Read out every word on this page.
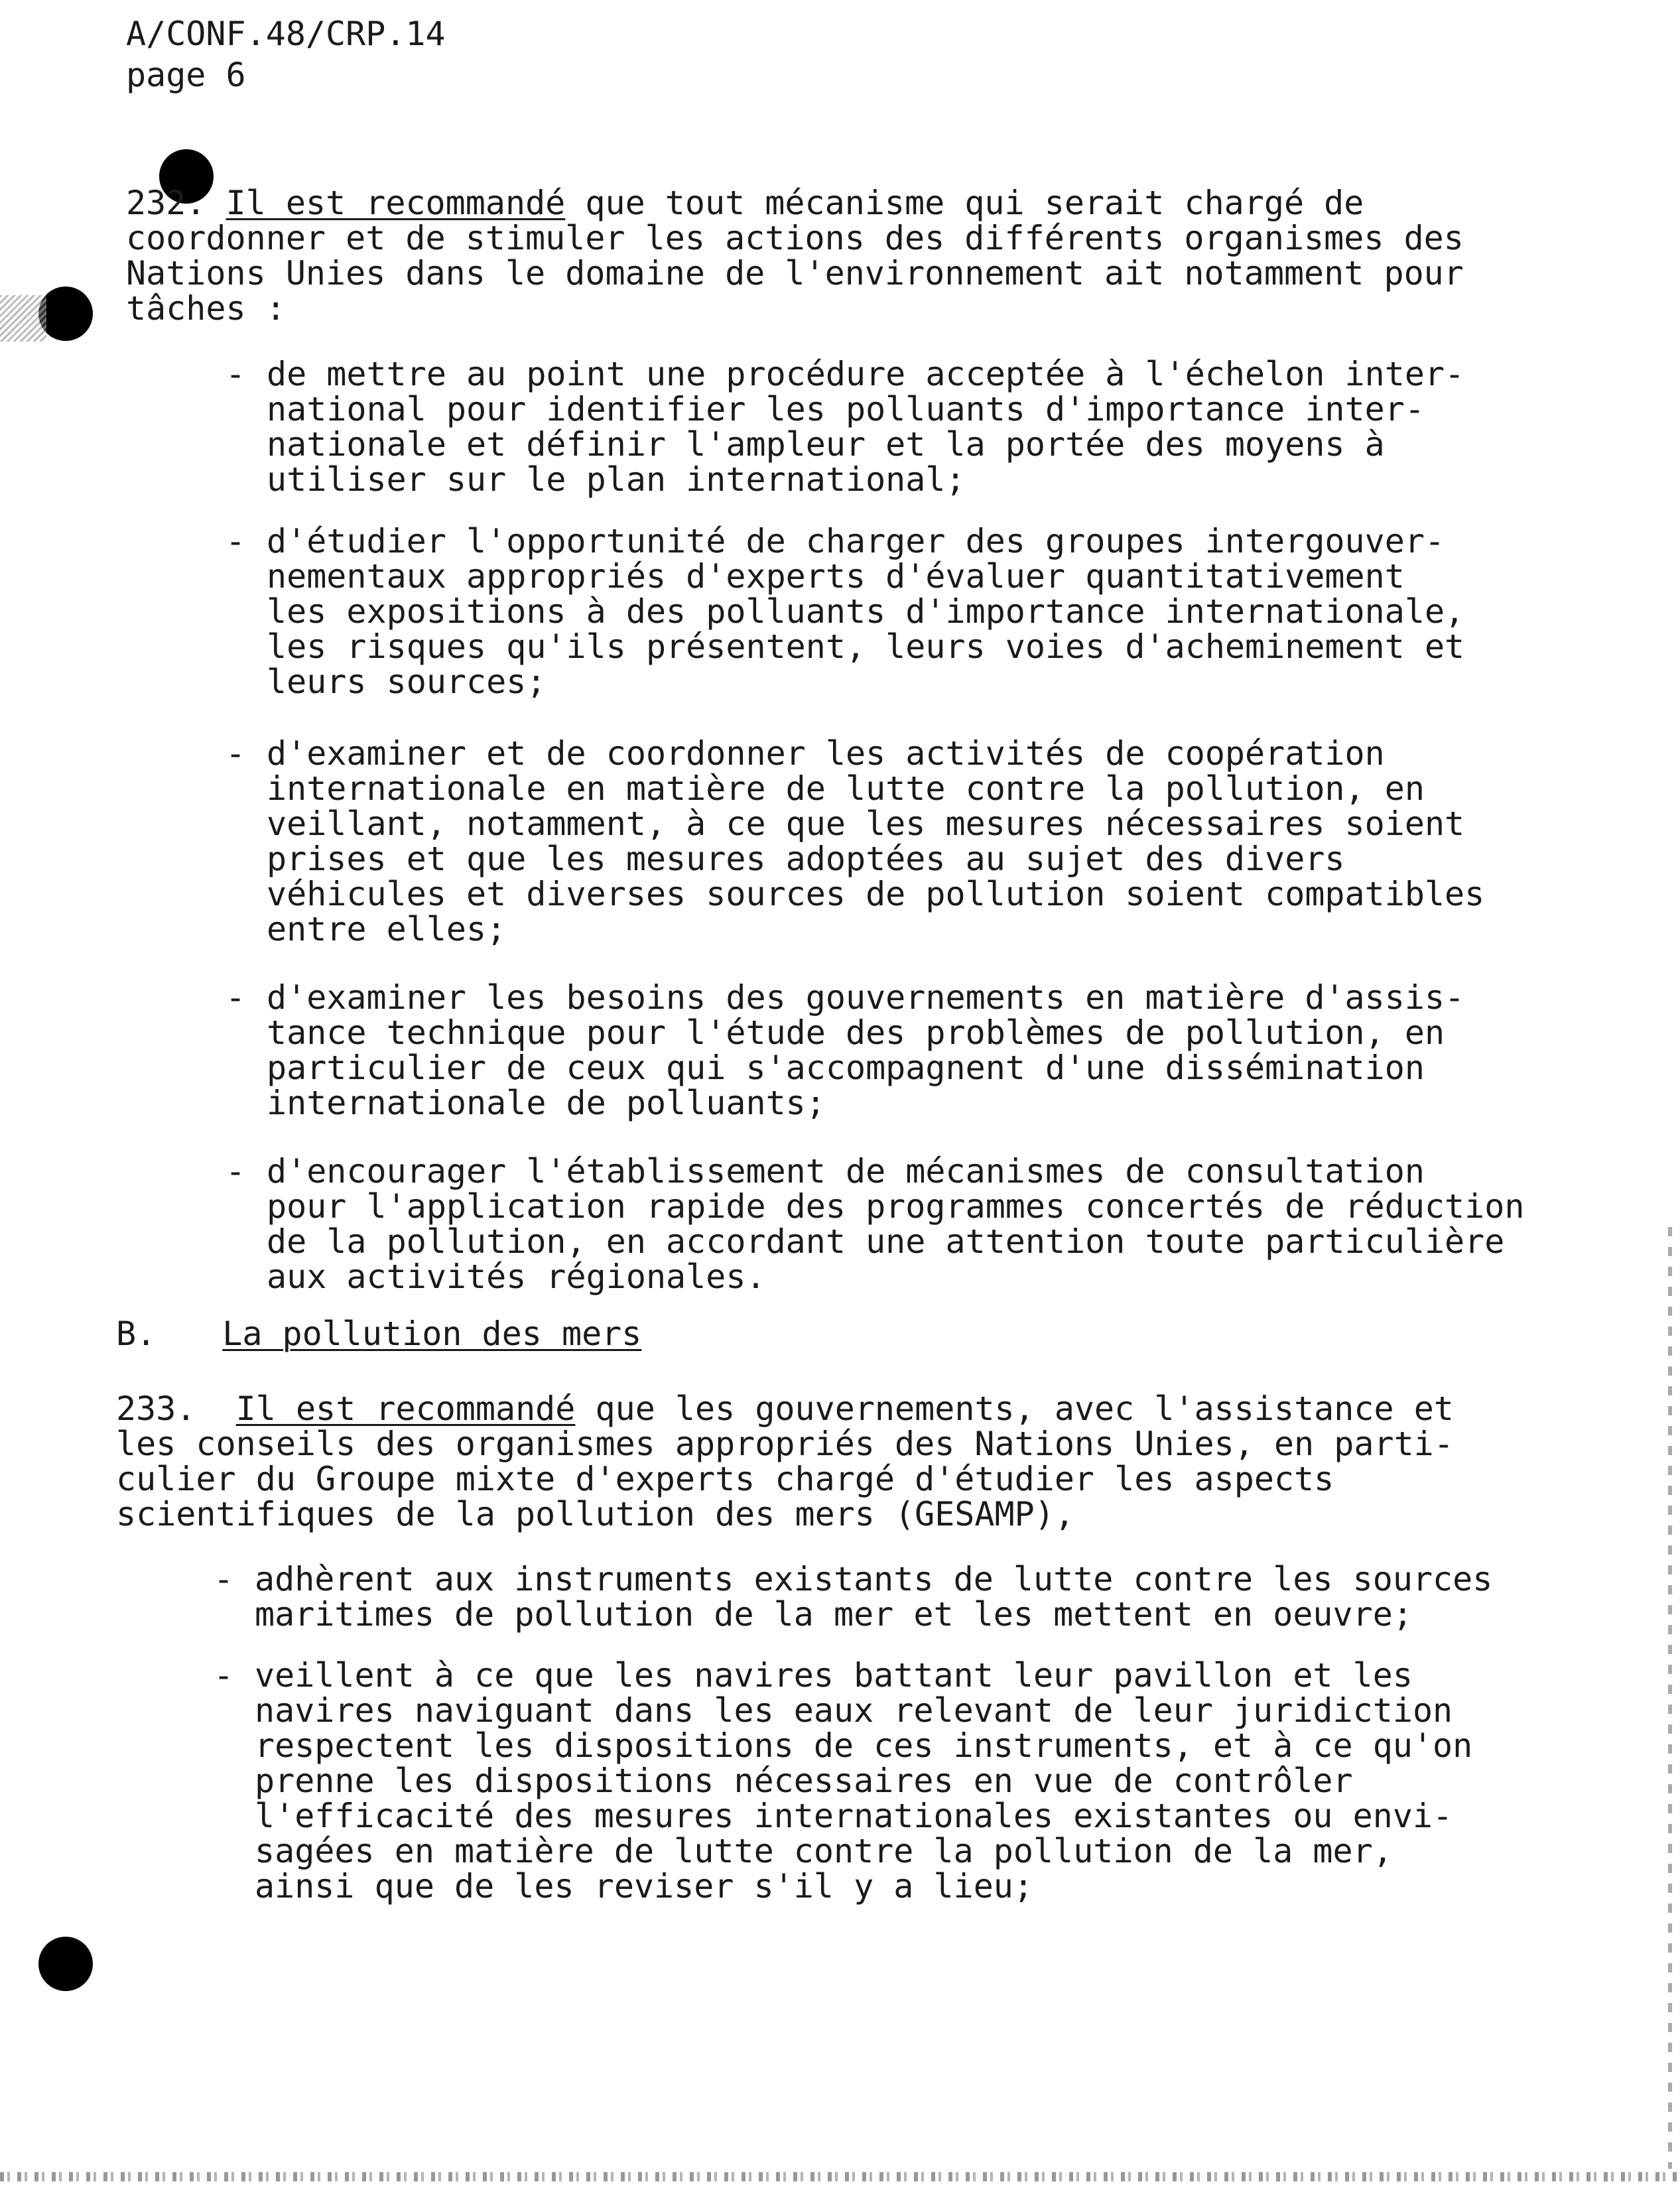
A/CONF.48/CRP.14
page 6
232. Il est recommandé que tout mécanisme qui serait chargé de
coordonner et de stimuler les actions des différents organismes des
Nations Unies dans le domaine de l'environnement ait notamment pour
tâches :
- de mettre au point une procédure acceptée à l'échelon inter-
national pour identifier les polluants d'importance inter-
nationale et définir l'ampleur et la portée des moyens à
utiliser sur le plan international;
- d'étudier l'opportunité de charger des groupes intergouver-
nementaux appropriés d'experts d'évaluer quantitativement
les expositions à des polluants d'importance internationale,
les risques qu'ils présentent, leurs voies d'acheminement et
leurs sources;
- d'examiner et de coordonner les activités de coopération
internationale en matière de lutte contre la pollution, en
veillant, notamment, à ce que les mesures nécessaires soient
prises et que les mesures adoptées au sujet des divers
véhicules et diverses sources de pollution soient compatibles
entre elles;
- d'examiner les besoins des gouvernements en matière d'assis-
tance technique pour l'étude des problèmes de pollution, en
particulier de ceux qui s'accompagnent d'une dissémination
internationale de polluants;
- d'encourager l'établissement de mécanismes de consultation
pour l'application rapide des programmes concertés de réduction
de la pollution, en accordant une attention toute particulière
aux activités régionales.
B. La pollution des mers
233. Il est recommandé que les gouvernements, avec l'assistance et
les conseils des organismes appropriés des Nations Unies, en parti-
culier du Groupe mixte d'experts chargé d'étudier les aspects
scientifiques de la pollution des mers (GESAMP),
- adhèrent aux instruments existants de lutte contre les sources
maritimes de pollution de la mer et les mettent en oeuvre;
- veillent à ce que les navires battant leur pavillon et les
navires naviguant dans les eaux relevant de leur juridiction
respectent les dispositions de ces instruments, et à ce qu'on
prenne les dispositions nécessaires en vue de contrôler
l'efficacité des mesures internationales existantes ou envi-
sagées en matière de lutte contre la pollution de la mer,
ainsi que de les reviser s'il y a lieu;
